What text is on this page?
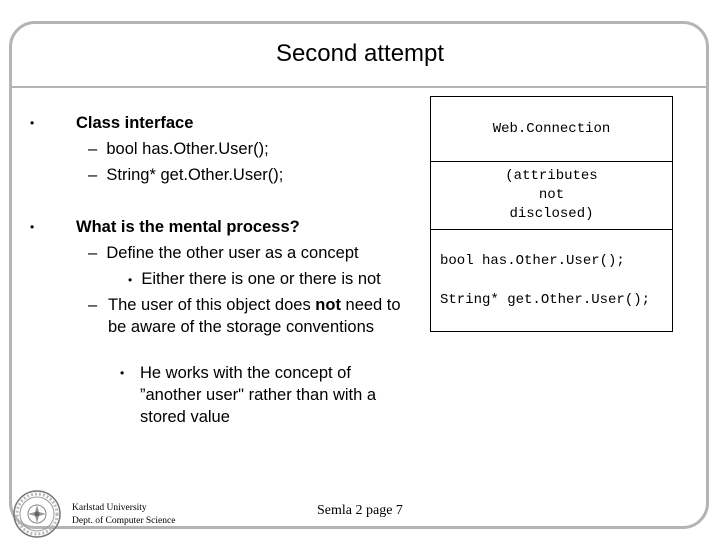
Second attempt
•	Class interface
– bool has.Other.User();
– String* get.Other.User();
•	What is the mental process?
– Define the other user as a concept
• Either there is one or there is not
– The user of this object does not need to be aware of the storage conventions
• He works with the concept of ”another user" rather than with a stored value
Web.Connection
(attributes
not
disclosed)
bool has.Other.User();
String* get.Other.User();
Karlstad University
Dept. of Computer Science
Semla 2 page 7
